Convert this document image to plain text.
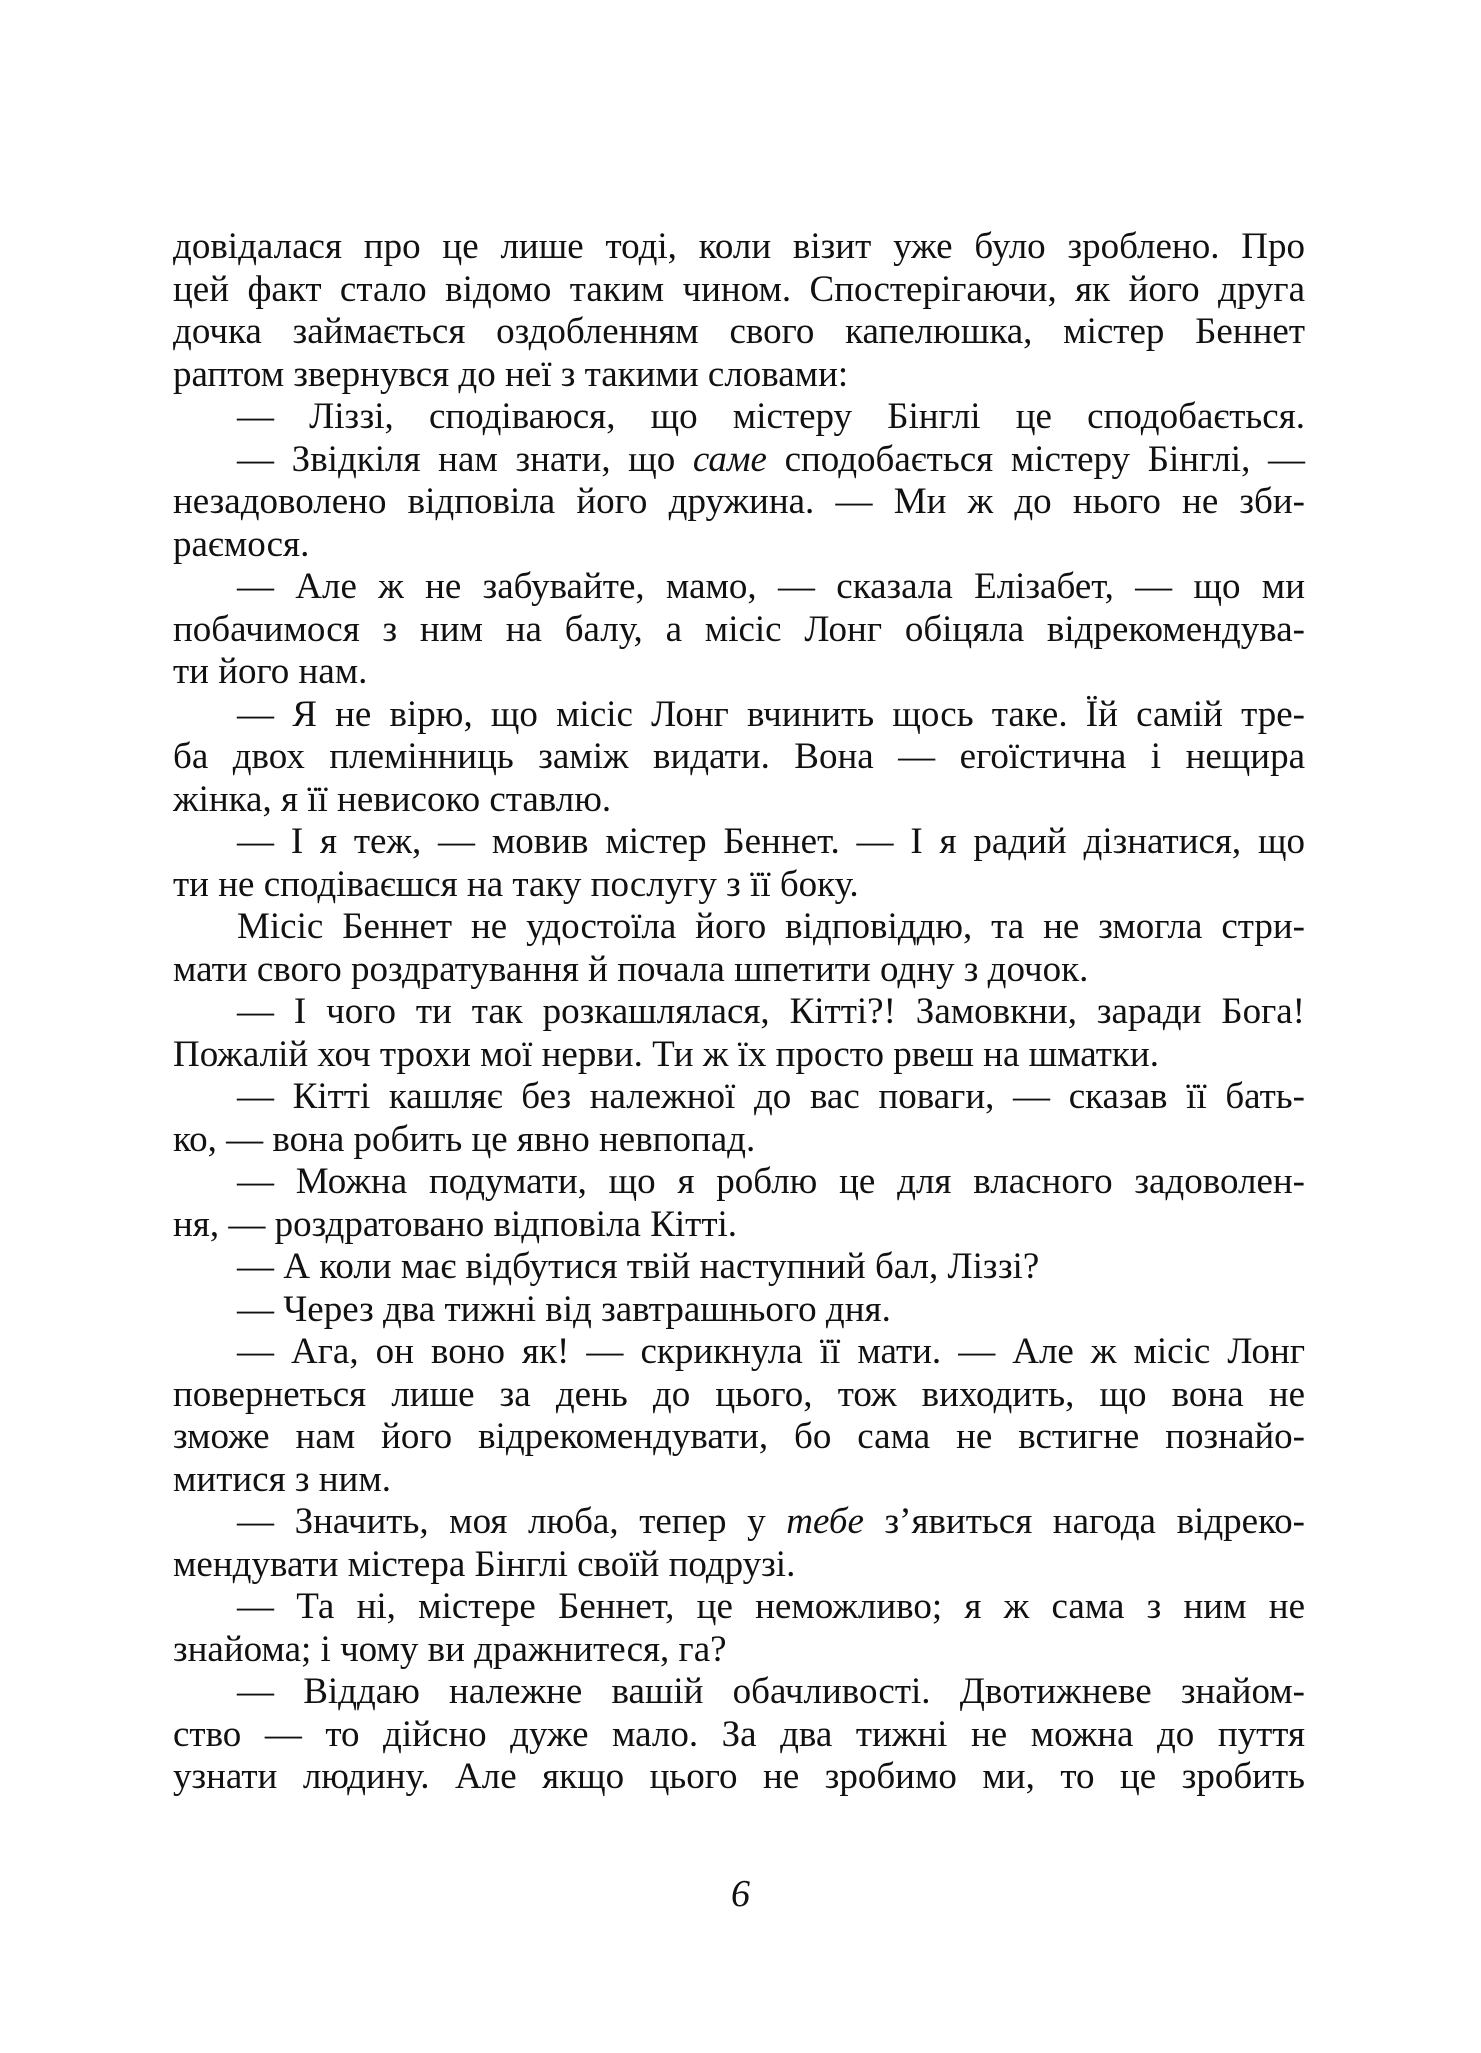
довідалася про це лише тоді, коли візит уже було зроблено. Про
цей факт стало відомо таким чином. Спостерігаючи, як його друга
дочка займається оздобленням свого капелюшка, містер Беннет
раптом звернувся до неї з такими словами:
— Ліззі, сподіваюся, що містеру Бінглі це сподобається.
— Звідкіля нам знати, що саме сподобається містеру Бінглі, —
незадоволено відповіла його дружина. — Ми ж до нього не зби-
раємося.
— Але ж не забувайте, мамо, — сказала Елізабет, — що ми
побачимося з ним на балу, а місіс Лонг обіцяла відрекомендува-
ти його нам.
— Я не вірю, що місіс Лонг вчинить щось таке. Їй самій тре-
ба двох племінниць заміж видати. Вона — егоїстична і нещира
жінка, я її невисоко ставлю.
— І я теж, — мовив містер Беннет. — І я радий дізнатися, що
ти не сподіваєшся на таку послугу з її боку.
Місіс Беннет не удостоїла його відповіддю, та не змогла стри-
мати свого роздратування й почала шпетити одну з дочок.
— І чого ти так розкашлялася, Кітті?! Замовкни, заради Бога!
Пожалій хоч трохи мої нерви. Ти ж їх просто рвеш на шматки.
— Кітті кашляє без належної до вас поваги, — сказав її бать-
ко, — вона робить це явно невпопад.
— Можна подумати, що я роблю це для власного задоволен-
ня, — роздратовано відповіла Кітті.
— А коли має відбутися твій наступний бал, Ліззі?
— Через два тижні від завтрашнього дня.
— Ага, он воно як! — скрикнула її мати. — Але ж місіс Лонг
повернеться лише за день до цього, тож виходить, що вона не
зможе нам його відрекомендувати, бо сама не встигне познайо-
митися з ним.
— Значить, моя люба, тепер у тебе з’явиться нагода відреко-
мендувати містера Бінглі своїй подрузі.
— Та ні, містере Беннет, це неможливо; я ж сама з ним не
знайома; і чому ви дражнитеся, га?
— Віддаю належне вашій обачливості. Двотижневе знайом-
ство — то дійсно дуже мало. За два тижні не можна до пуття
узнати людину. Але якщо цього не зробимо ми, то це зробить
6
